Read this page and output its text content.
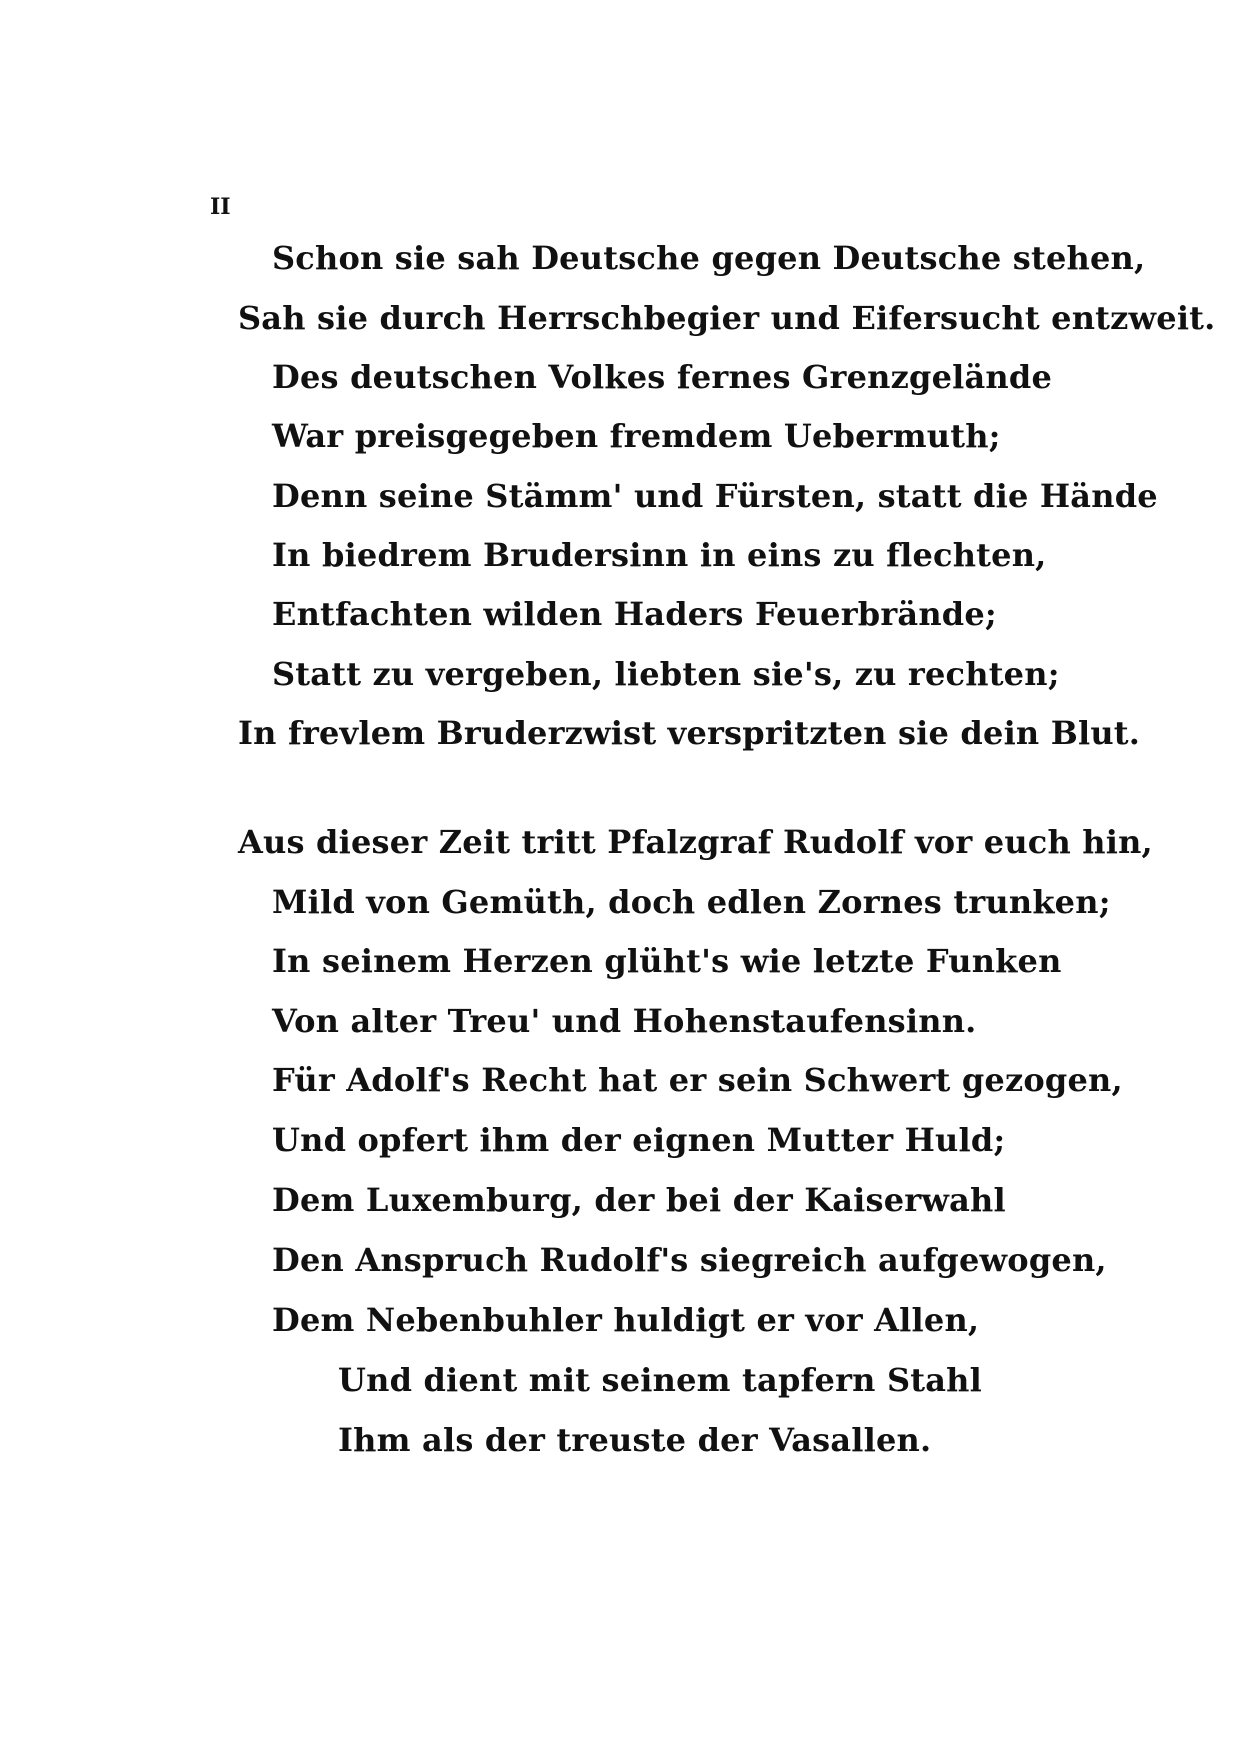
II
Schon sie sah Deutsche gegen Deutsche stehen,
Sah sie durch Herrschbegier und Eifersucht entzweit.
Des deutschen Volkes fernes Grenzgelände
War preisgegeben fremdem Uebermuth;
Denn seine Stämm' und Fürsten, statt die Hände
In biedrem Brudersinn in eins zu flechten,
Entfachten wilden Haders Feuerbrände;
Statt zu vergeben, liebten sie's, zu rechten;
In frevlem Bruderzwist verspritzten sie dein Blut.
Aus dieser Zeit tritt Pfalzgraf Rudolf vor euch hin,
Mild von Gemüth, doch edlen Zornes trunken;
In seinem Herzen glüht's wie letzte Funken
Von alter Treu' und Hohenstaufensinn.
Für Adolf's Recht hat er sein Schwert gezogen,
Und opfert ihm der eignen Mutter Huld;
Dem Luxemburg, der bei der Kaiserwahl
Den Anspruch Rudolf's siegreich aufgewogen,
Dem Nebenbuhler huldigt er vor Allen,
Und dient mit seinem tapfern Stahl
Ihm als der treuste der Vasallen.
